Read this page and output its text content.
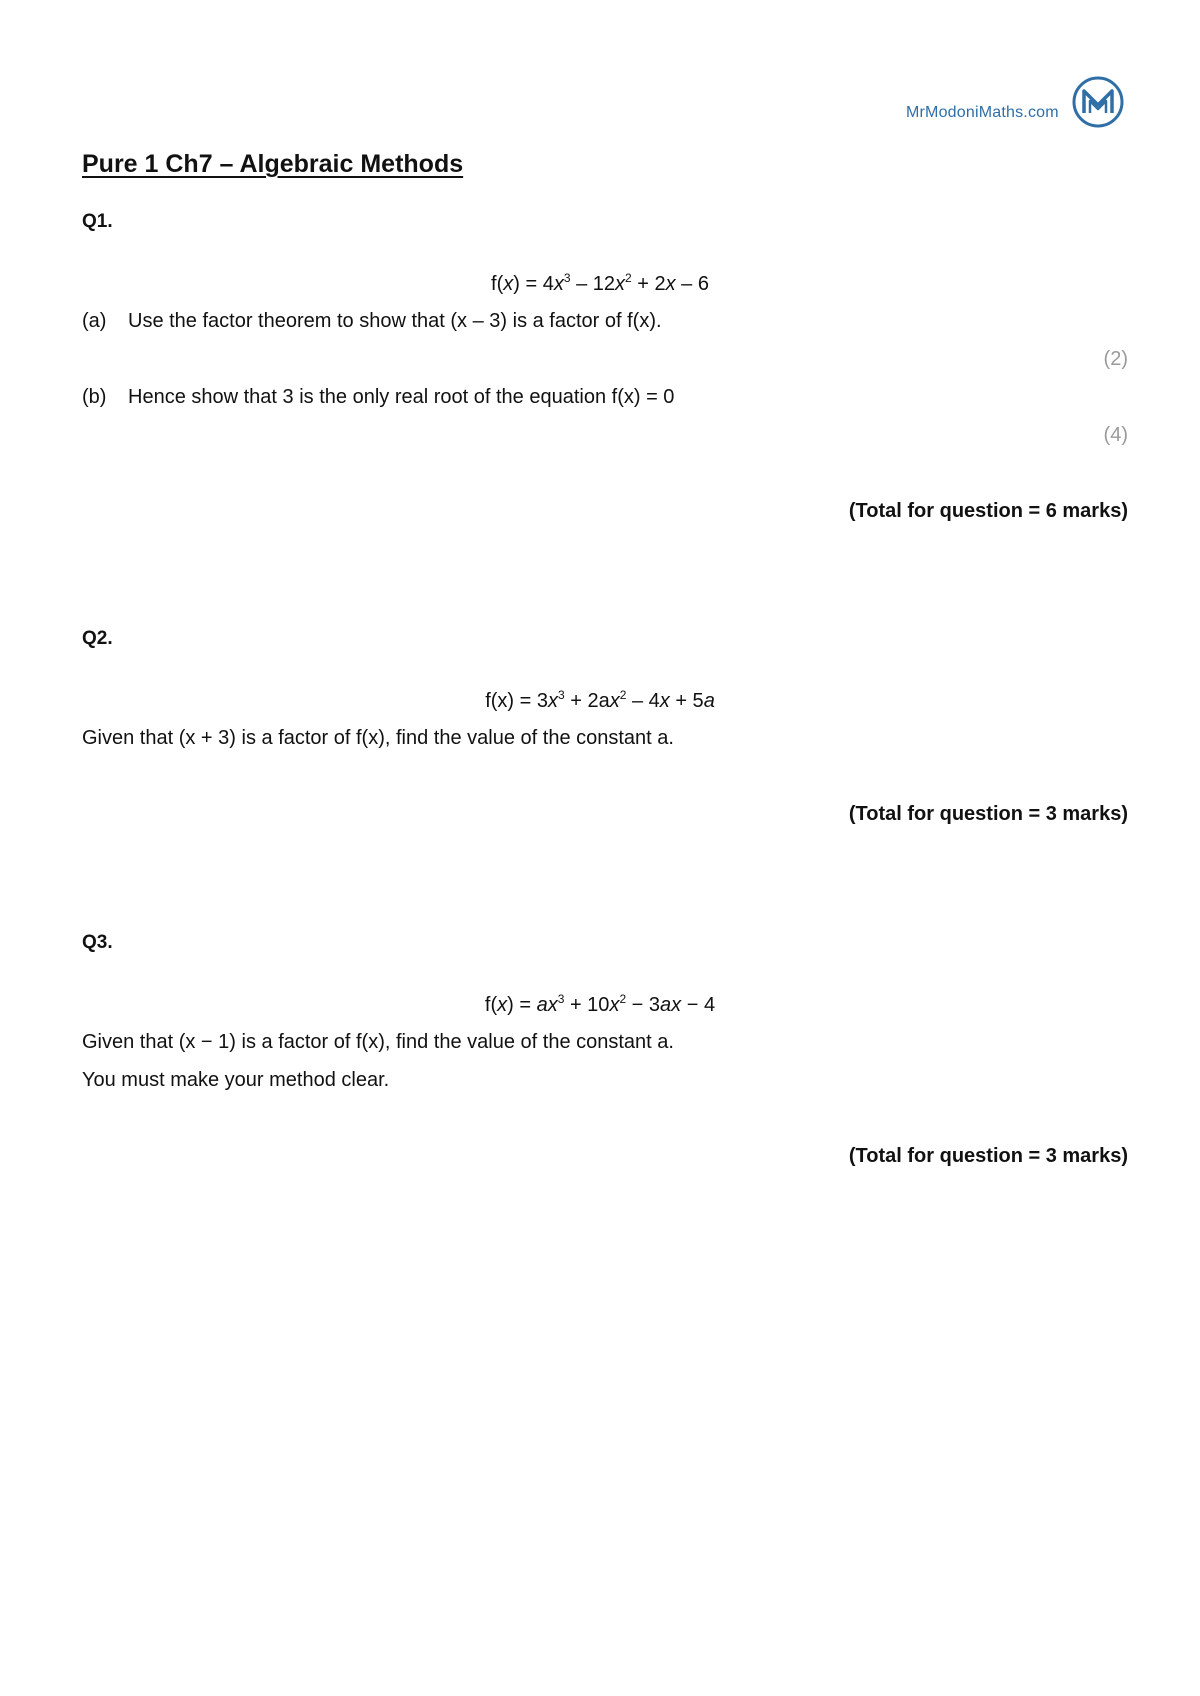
MrModoniMaths.com
Pure 1 Ch7 – Algebraic Methods
Q1.
$f(x) = 4x^3 - 12x^2 + 2x - 6$
(a) Use the factor theorem to show that (x – 3) is a factor of f(x).
(2)
(b) Hence show that 3 is the only real root of the equation f(x) = 0
(4)
(Total for question = 6 marks)
Q2.
$f(x) = 3x^3 + 2ax^2 - 4x + 5a$
Given that (x + 3) is a factor of f(x), find the value of the constant a.
(Total for question = 3 marks)
Q3.
$f(x) = ax^3 + 10x^2 - 3ax - 4$
Given that (x − 1) is a factor of f(x), find the value of the constant a.
You must make your method clear.
(Total for question = 3 marks)
